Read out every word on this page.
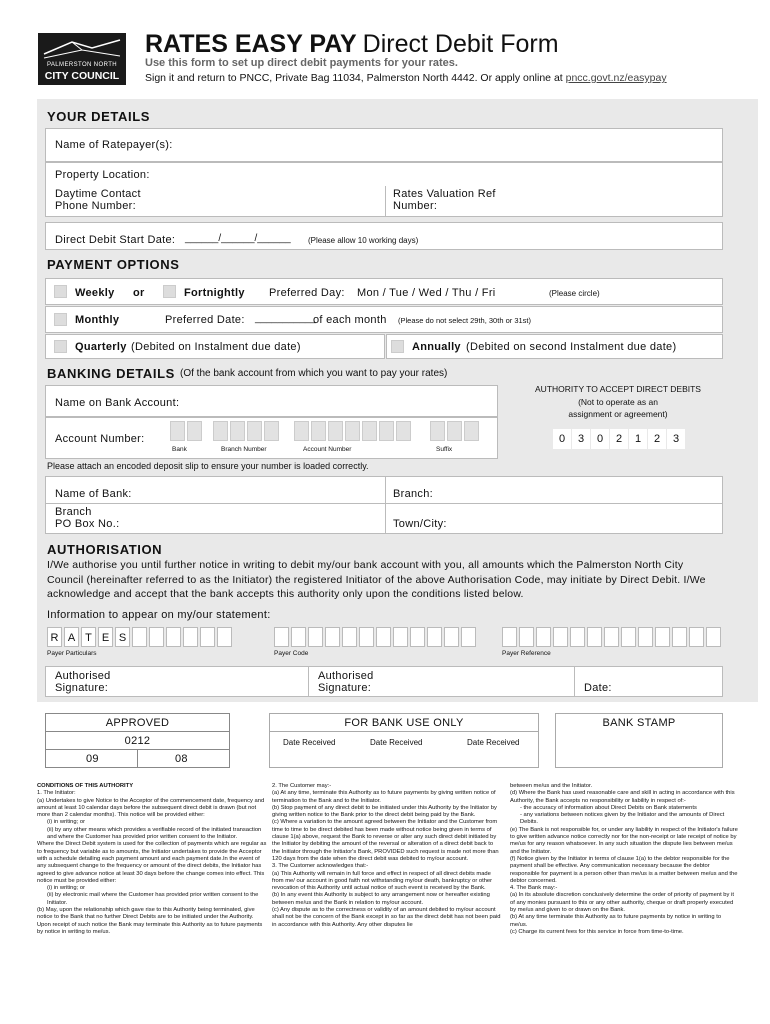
PALMERSTON NORTH
CITY COUNCIL
RATES EASY PAY Direct Debit Form
Use this form to set up direct debit payments for your rates.
Sign it and return to PNCC, Private Bag 11034, Palmerston North 4442. Or apply online at pncc.govt.nz/easypay
YOUR DETAILS
Name of Ratepayer(s):
Property Location:
Daytime Contact
Phone Number:
Rates Valuation Ref
Number:
Direct Debit Start Date: ______/______/______ (Please allow 10 working days)
PAYMENT OPTIONS
Weekly or	Fortnightly Preferred Day: Mon / Tue / Wed / Thu / Fri	(Please circle)
Monthly	Preferred Date: ___________
of each month (Please do not select 29th, 30th or 31st)
Quarterly (Debited on Instalment due date)	Annually (Debited on second Instalment due date)
BANKING DETAILS (Of the bank account from which you want to pay your rates)
Name on Bank Account:
AUTHORITY TO ACCEPT DIRECT DEBITS
(Not to operate as an
assignment or agreement)
Account Number:
Bank	Branch Number	Account Number	Suffix
0	3	0	2	1	2	3
Please attach an encoded deposit slip to ensure your number is loaded correctly.
Name of Bank:	Branch:
Branch
PO Box No.:	Town/City:
AUTHORISATION
I/We authorise you until further notice in writing to debit my/our bank account with you, all amounts which the Palmerston North City Council (hereinafter referred to as the Initiator) the registered Initiator of the above Authorisation Code, may initiate by Direct Debit. I/We acknowledge and accept that the bank accepts this authority only upon the conditions listed below.
Information to appear on my/our statement:
R A T E S
Payer Particulars	Payer Code	Payer Reference
Authorised
Signature:
Authorised
Signature:	Date:
APPROVED
0212
09	08
FOR BANK USE ONLY
Date Received	Date Received	Date Received
BANK STAMP

CONDITIONS OF THIS AUTHORITY

1. The Initiator:

(a) Undertakes to give Notice to the Acceptor of the commencement date, frequency and amount at least 10 calendar days before the subsequent direct debit is drawn (but not more than 2 calendar months). This notice will be provided either:

(i) in writing; or

(ii) by any other means which provides a verifiable record of the initiated transaction and where the Customer has provided prior written consent to the Initiator.

Where the Direct Debit system is used for the collection of payments which are regular as to frequency but variable as to amounts, the Initiator undertakes to provide the Acceptor with a schedule detailing each payment amount and each payment date.In the event of any subsequent change to the frequency or amount of the direct debits, the Initiator has agreed to give advance notice at least 30 days before the change comes into effect. This notice must be provided either:

(i) in writing; or

(ii) by electronic mail where the Customer has provided prior written consent to the Initiator.

(b) May, upon the relationship which gave rise to this Authority being terminated, give notice to the Bank that no further Direct Debits are to be initiated under the Authority. Upon receipt of such notice the Bank may terminate this Authority as to future payments by notice in writing to me/us.

2. The Customer may:-

(a) At any time, terminate this Authority as to future payments by giving written notice of termination to the Bank and to the Initiator.

(b) Stop payment of any direct debit to be initiated under this Authority by the Initiator by giving written notice to the Bank prior to the direct debit being paid by the Bank.

(c) Where a variation to the amount agreed between the Initiator and the Customer from time to time to be direct debited has been made without notice being given in terms of clause 1(a) above, request the Bank to reverse or alter any such direct debit initiated by the Initiator by debiting the amount of the reversal or alteration of a direct debit back to the Initiator through the Initiator's Bank, PROVIDED such request is made not more than 120 days from the date when the direct debit was debited to my/our account.

3. The Customer acknowledges that:-

(a) This Authority will remain in full force and effect in respect of all direct debits made from me/ our account in good faith not withstanding my/our death, bankruptcy or other revocation of this Authority until actual notice of such event is received by the Bank.

(b) In any event this Authority is subject to any arrangement now or hereafter existing between me/us and the Bank in relation to my/our account.

(c) Any dispute as to the correctness or validity of an amount debited to my/our account shall not be the concern of the Bank except in so far as the direct debit has not been paid in accordance with this Authority. Any other disputes lie

between me/us and the Initiator.

(d) Where the Bank has used reasonable care and skill in acting in accordance with this Authority, the Bank accepts no responsibility or liability in respect of:-

- the accuracy of information about Direct Debits on Bank statements

- any variations between notices given by the Initiator and the amounts of Direct Debits.

(e) The Bank is not responsible for, or under any liability in respect of the Initiator's failure to give written advance notice correctly nor for the non-receipt or late receipt of notice by me/us for any reason whatsoever. In any such situation the dispute lies between me/us and the Initiator.

(f) Notice given by the Initiator in terms of clause 1(a) to the debtor responsible for the payment shall be effective. Any communication necessary because the debtor responsible for payment is a person other than me/us is a matter between me/us and the debtor concerned.

4. The Bank may:-

(a) In its absolute discretion conclusively determine the order of priority of payment by it of any monies pursuant to this or any other authority, cheque or draft properly executed by me/us and given to or drawn on the Bank.

(b) At any time terminate this Authority as to future payments by notice in writing to me/us.

(c) Charge its current fees for this service in force from time-to-time.
